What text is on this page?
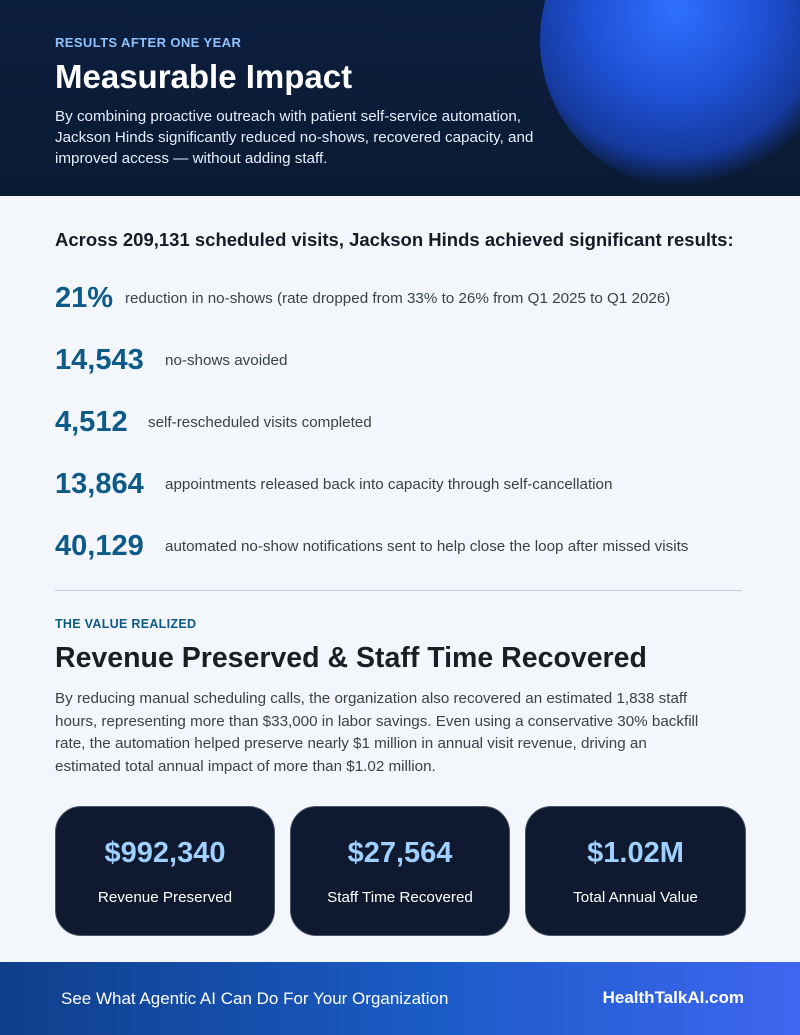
RESULTS AFTER ONE YEAR
Measurable Impact
By combining proactive outreach with patient self-service automation, Jackson Hinds significantly reduced no-shows, recovered capacity, and improved access — without adding staff.
Across 209,131 scheduled visits, Jackson Hinds achieved significant results:
21% reduction in no-shows (rate dropped from 33% to 26% from Q1 2025 to Q1 2026)
14,543	no-shows avoided
4,512	self-rescheduled visits completed
13,864	appointments released back into capacity through self-cancellation
40,129	automated no-show notifications sent to help close the loop after missed visits
THE VALUE REALIZED
Revenue Preserved & Staff Time Recovered
By reducing manual scheduling calls, the organization also recovered an estimated 1,838 staff hours, representing more than $33,000 in labor savings. Even using a conservative 30% backfill rate, the automation helped preserve nearly $1 million in annual visit revenue, driving an estimated total annual impact of more than $1.02 million.
$992,340
Revenue Preserved
$27,564
Staff Time Recovered
$1.02M
Total Annual Value
See What Agentic AI Can Do For Your Organization	HealthTalkAI.com
